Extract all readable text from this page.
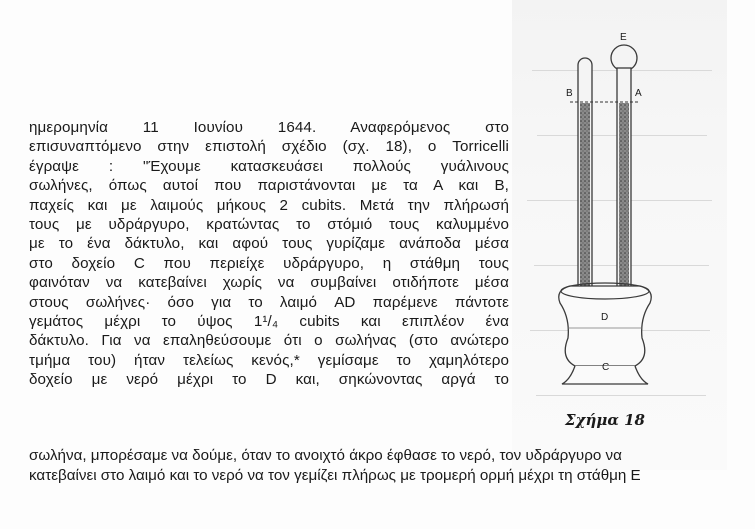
ημερομηνία 11 Ιουνίου 1644. Αναφερόμενος στο
επισυναπτόμενο στην επιστολή σχέδιο (σχ. 18), ο Torricelli
έγραψε : "Έχουμε κατασκευάσει πολλούς γυάλινους
σωλήνες, όπως αυτοί που παριστάνονται με τα Α και Β,
παχείς και με λαιμούς μήκους 2 cubits. Μετά την πλήρωσή
τους με υδράργυρο, κρατώντας το στόμιό τους καλυμμένο
με το ένα δάκτυλο, και αφού τους γυρίζαμε ανάποδα μέσα
στο δοχείο C που περιείχε υδράργυρο, η στάθμη τους
φαινόταν να κατεβαίνει χωρίς να συμβαίνει οτιδήποτε μέσα
στους σωλήνες· όσο για το λαιμό AD παρέμενε πάντοτε
γεμάτος μέχρι το ύψος 1¹/₄ cubits και επιπλέον ένα
δάκτυλο. Για να επαληθεύσουμε ότι ο σωλήνας (στο ανώτερο
τμήμα του) ήταν τελείως κενός,* γεμίσαμε το χαμηλότερο
δοχείο με νερό μέχρι το D και, σηκώνοντας αργά το
σωλήνα, μπορέσαμε να δούμε, όταν το ανοιχτό άκρο έφθασε το νερό, τον υδράργυρο να
κατεβαίνει στο λαιμό και το νερό να τον γεμίζει πλήρως με τρομερή ορμή μέχρι τη στάθμη Ε
E
B	A
D
C
Σχήμα 18
